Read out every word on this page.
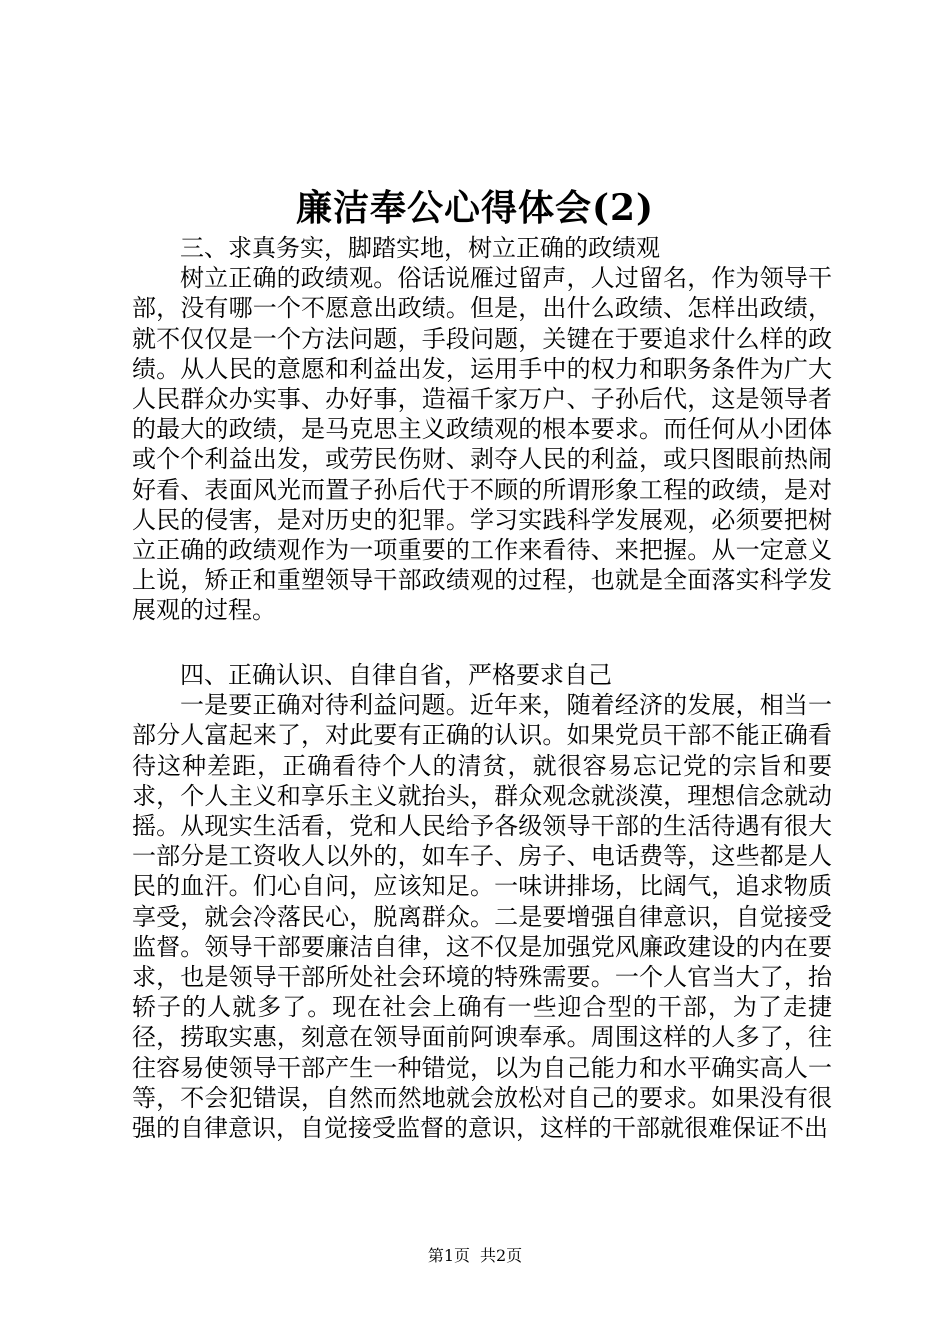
廉洁奉公心得体会(2)

三、求真务实，脚踏实地，树立正确的政绩观

树立正确的政绩观。俗话说雁过留声，人过留名，作为领导干部，没有哪一个不愿意出政绩。但是，出什么政绩、怎样出政绩，就不仅仅是一个方法问题，手段问题，关键在于要追求什么样的政绩。从人民的意愿和利益出发，运用手中的权力和职务条件为广大人民群众办实事、办好事，造福千家万户、子孙后代，这是领导者的最大的政绩，是马克思主义政绩观的根本要求。而任何从小团体或个个利益出发，或劳民伤财、剥夺人民的利益，或只图眼前热闹好看、表面风光而置子孙后代于不顾的所谓形象工程的政绩，是对人民的侵害，是对历史的犯罪。学习实践科学发展观，必须要把树立正确的政绩观作为一项重要的工作来看待、来把握。从一定意义上说，矫正和重塑领导干部政绩观的过程，也就是全面落实科学发展观的过程。

四、正确认识、自律自省，严格要求自己

一是要正确对待利益问题。近年来，随着经济的发展，相当一部分人富起来了，对此要有正确的认识。如果党员干部不能正确看待这种差距，正确看待个人的清贫，就很容易忘记党的宗旨和要求，个人主义和享乐主义就抬头，群众观念就淡漠，理想信念就动摇。从现实生活看，党和人民给予各级领导干部的生活待遇有很大一部分是工资收人以外的，如车子、房子、电话费等，这些都是人民的血汗。们心自问，应该知足。一味讲排场，比阔气，追求物质享受，就会冷落民心，脱离群众。二是要增强自律意识，自觉接受监督。领导干部要廉洁自律，这不仅是加强党风廉政建设的内在要求，也是领导干部所处社会环境的特殊需要。一个人官当大了，抬轿子的人就多了。现在社会上确有一些迎合型的干部，为了走捷径，捞取实惠，刻意在领导面前阿谀奉承。周围这样的人多了，往往容易使领导干部产生一种错觉，以为自己能力和水平确实高人一等，不会犯错误，自然而然地就会放松对自己的要求。如果没有很强的自律意识，自觉接受监督的意识，这样的干部就很难保证不出

第1页 共2页
